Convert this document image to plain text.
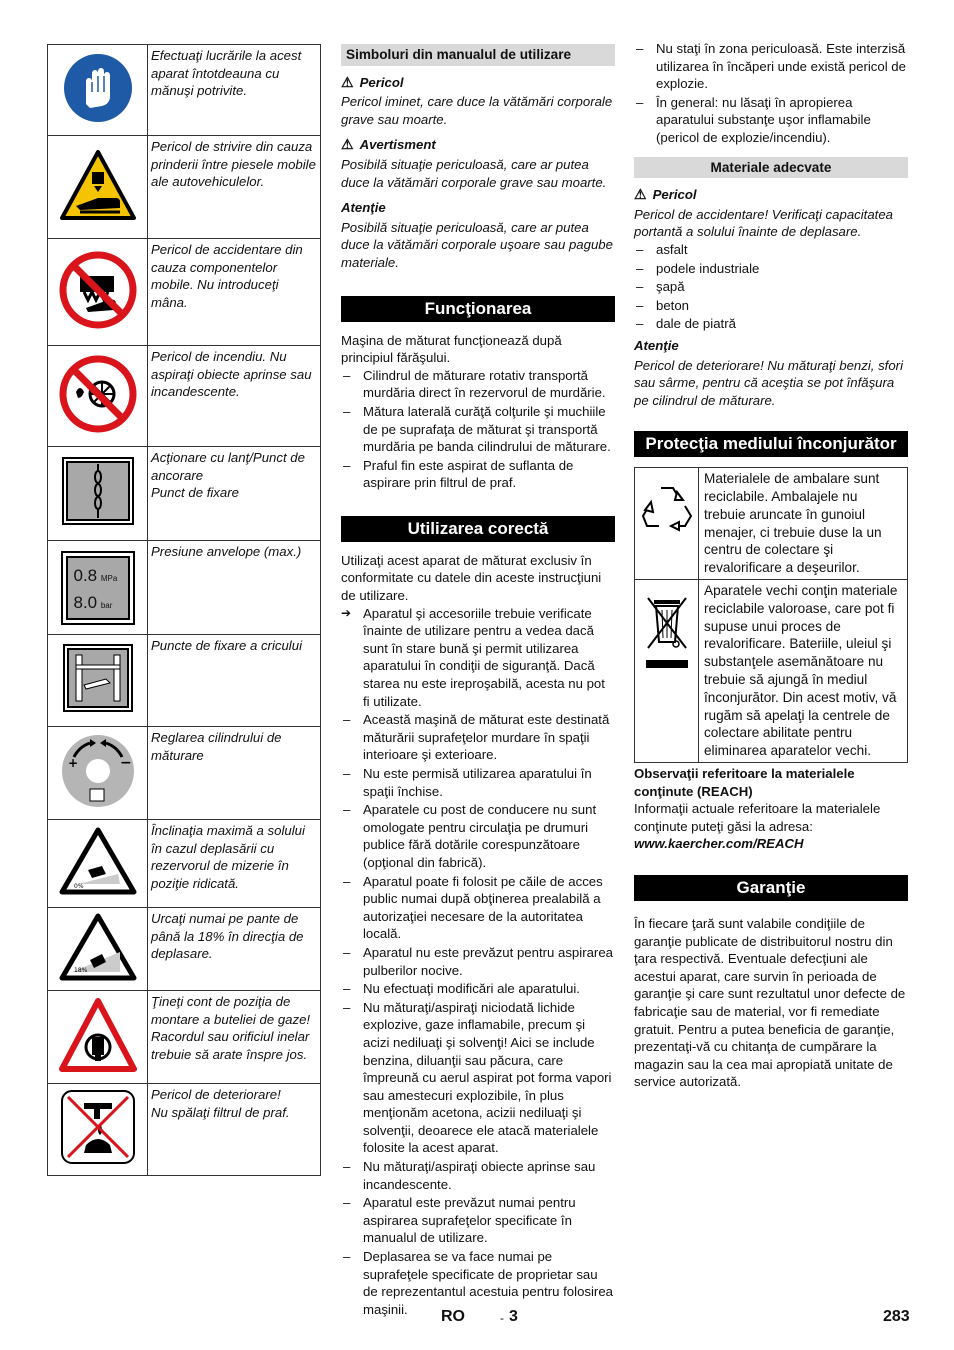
	Efectuaţi lucrările la acest aparat întotdeauna cu mănuşi potrivite.
	Pericol de strivire din cauza prinderii între piesele mobile ale autovehiculelor.
	Pericol de accidentare din cauza componentelor mobile. Nu introduceţi mâna.
	Pericol de incendiu. Nu aspiraţi obiecte aprinse sau incandescente.
	Acţionare cu lanţ/Punct de ancorare
Punct de fixare

0.8 MPa
8.0 bar	Presiune anvelope (max.)
	Puncte de fixare a cricului

+ −	Reglarea cilindrului de măturare

0%	Înclinaţia maximă a solului în cazul deplasării cu rezervorul de mizerie în poziţie ridicată.

18%	Urcaţi numai pe pante de până la 18% în direcţia de deplasare.
	Ţineţi cont de poziţia de montare a buteliei de gaze! Racordul sau orificiul inelar trebuie să arate înspre jos.
	Pericol de deteriorare!
Nu spălaţi filtrul de praf.
Simboluri din manualul de utilizare
⚠ Pericol

Pericol iminet, care duce la vătămări corporale grave sau moarte.

⚠ Avertisment

Posibilă situaţie periculoasă, care ar putea duce la vătămări corporale grave sau moarte.

Atenţie

Posibilă situaţie periculoasă, care ar putea duce la vătămări corporale uşoare sau pagube materiale.

Funcţionarea

Maşina de măturat funcţionează după principiul fărăşului.

– Cilindrul de măturare rotativ transportă murdăria direct în rezervorul de murdărie.
– Mătura laterală curăţă colţurile şi muchiile de pe suprafaţa de măturat şi transportă murdăria pe banda cilindrului de măturare.
– Praful fin este aspirat de suflanta de aspirare prin filtrul de praf.
Utilizarea corectă

Utilizaţi acest aparat de măturat exclusiv în conformitate cu datele din aceste instrucţiuni de utilizare.

➔ Aparatul şi accesoriile trebuie verificate înainte de utilizare pentru a vedea dacă sunt în stare bună şi permit utilizarea aparatului în condiţii de siguranţă. Dacă starea nu este ireproşabilă, acesta nu pot fi utilizate.
– Această maşină de măturat este destinată măturării suprafeţelor murdare în spaţii interioare şi exterioare.
– Nu este permisă utilizarea aparatului în spaţii închise.
– Aparatele cu post de conducere nu sunt omologate pentru circulaţia pe drumuri publice fără dotările corespunzătoare (opţional din fabrică).
– Aparatul poate fi folosit pe căile de acces public numai după obţinerea prealabilă a autorizaţiei necesare de la autoritatea locală.
– Aparatul nu este prevăzut pentru aspirarea pulberilor nocive.
– Nu efectuaţi modificări ale aparatului.
– Nu măturaţi/aspiraţi niciodată lichide explozive, gaze inflamabile, precum şi acizi nediluaţi şi solvenţi! Aici se include benzina, diluanţii sau păcura, care împreună cu aerul aspirat pot forma vapori sau amestecuri explozibile, în plus menţionăm acetona, acizii nediluaţi şi solvenţii, deoarece ele atacă materialele folosite la acest aparat.
– Nu măturaţi/aspiraţi obiecte aprinse sau incandescente.
– Aparatul este prevăzut numai pentru aspirarea suprafeţelor specificate în manualul de utilizare.
– Deplasarea se va face numai pe suprafeţele specificate de proprietar sau de reprezentantul acestuia pentru folosirea maşinii.
– Nu staţi în zona periculoasă. Este interzisă utilizarea în încăperi unde există pericol de explozie.
– În general: nu lăsaţi în apropierea aparatului substanţe uşor inflamabile (pericol de explozie/incendiu).
Materiale adecvate
⚠ Pericol

Pericol de accidentare! Verificaţi capacitatea portantă a solului înainte de deplasare.

– asfalt
– podele industriale
– şapă
– beton
– dale de piatră
Atenţie

Pericol de deteriorare! Nu măturaţi benzi, sfori sau sârme, pentru că aceştia se pot înfăşura pe cilindrul de măturare.

Protecţia mediului înconjurător
	Materialele de ambalare sunt reciclabile. Ambalajele nu trebuie aruncate în gunoiul menajer, ci trebuie duse la un centru de colectare şi revalorificare a deşeurilor.
	Aparatele vechi conţin materiale reciclabile valoroase, care pot fi supuse unui proces de revalorificare. Bateriile, uleiul şi substanţele asemănătoare nu trebuie să ajungă în mediul înconjurător. Din acest motiv, vă rugăm să apelaţi la centrele de colectare abilitate pentru eliminarea aparatelor vechi.

Observaţii referitoare la materialele conţinute (REACH)

Informaţii actuale referitoare la materialele conţinute puteţi găsi la adresa:

www.kaercher.com/REACH

Garanţie

În fiecare ţară sunt valabile condiţiile de garanţie publicate de distribuitorul nostru din ţara respectivă. Eventuale defecţiuni ale acestui aparat, care survin în perioada de garanţie şi care sunt rezultatul unor defecte de fabricaţie sau de material, vor fi remediate gratuit. Pentru a putea beneficia de garanţie, prezentaţi-vă cu chitanţa de cumpărare la magazin sau la cea mai apropiată unitate de service autorizată.

RO	- 3	283
